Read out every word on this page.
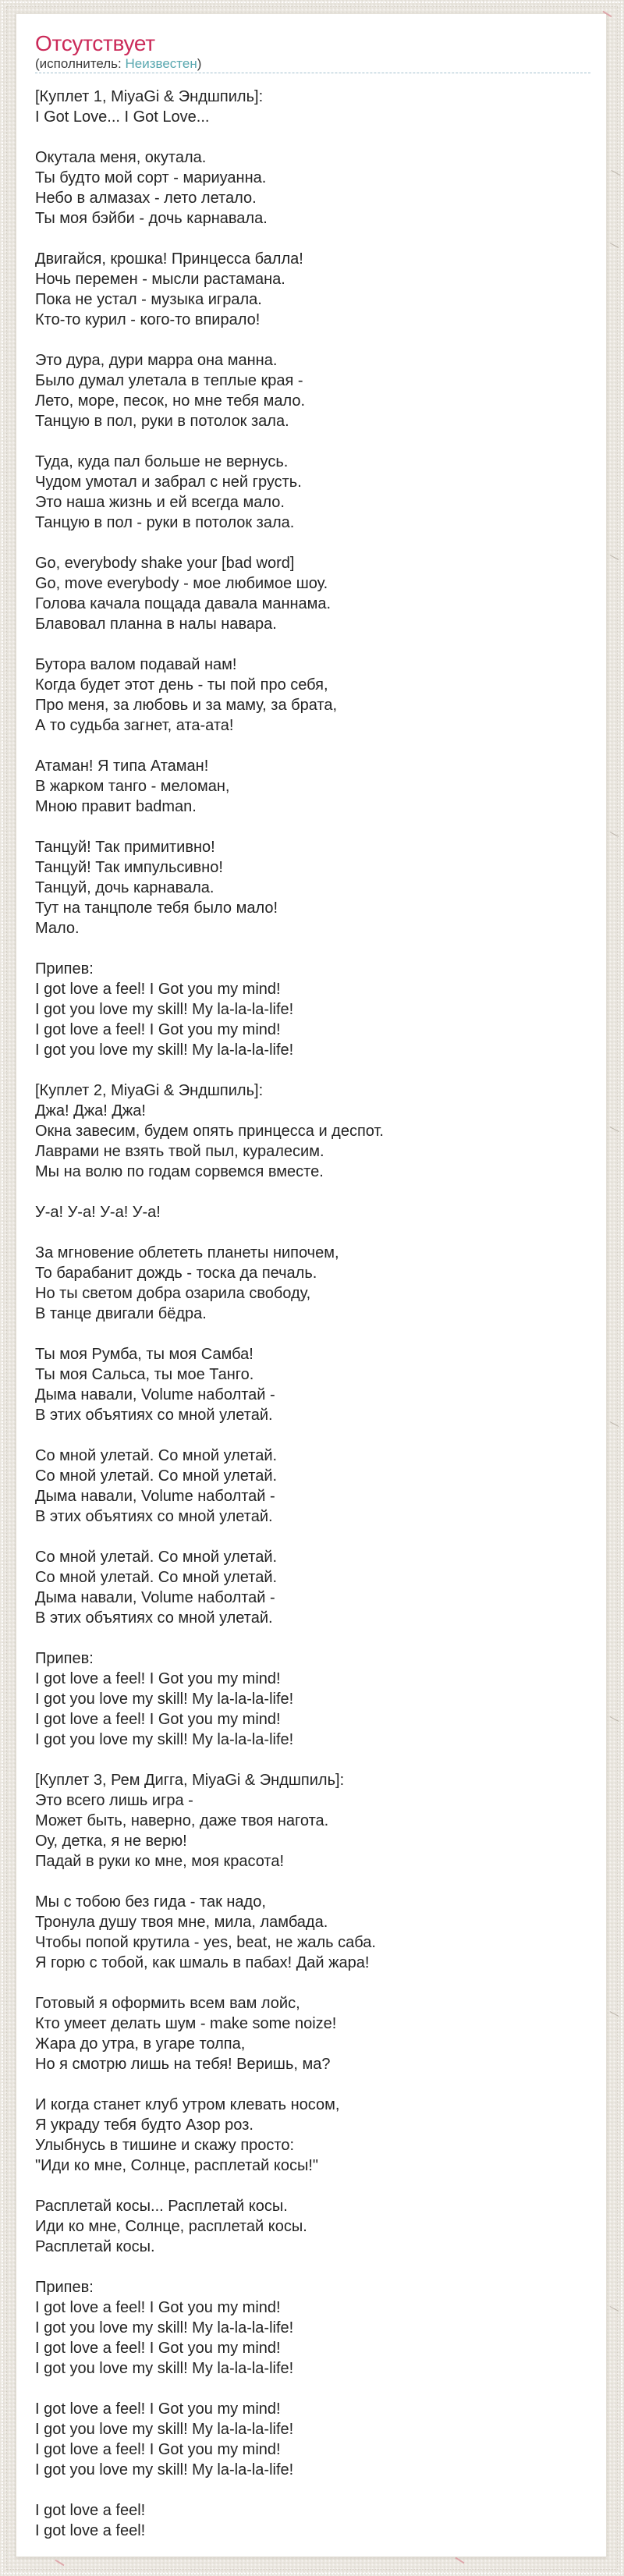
Отсутствует
(исполнитель: Неизвестен)
[Куплет 1, MiyaGi & Эндшпиль]:
I Got Love... I Got Love...
Окутала меня, окутала.
Ты будто мой сорт - мариуанна.
Небо в алмазах - лето летало.
Ты моя бэйби - дочь карнавала.
Двигайся, крошка! Принцесса балла!
Ночь перемен - мысли растамана.
Пока не устал - музыка играла.
Кто-то курил - кого-то впирало!
Это дура, дури марра она манна.
Было думал улетала в теплые края -
Лето, море, песок, но мне тебя мало.
Танцую в пол, руки в потолок зала.
Туда, куда пал больше не вернусь.
Чудом умотал и забрал с ней грусть.
Это наша жизнь и ей всегда мало.
Танцую в пол - руки в потолок зала.
Go, everybody shake your [bad word]
Go, move everybody - мое любимое шоу.
Голова качала пощада давала маннама.
Блавовал планна в налы навара.
Бутора валом подавай нам!
Когда будет этот день - ты пой про себя,
Про меня, за любовь и за маму, за брата,
А то судьба загнет, ата-ата!
Атаман! Я типа Атаман!
В жарком танго - меломан,
Мною правит badman.
Танцуй! Так примитивно!
Танцуй! Так импульсивно!
Танцуй, дочь карнавала.
Тут на танцполе тебя было мало!
Мало.
Припев:
I got love a feel! I Got you my mind!
I got you love my skill! My la-la-la-life!
I got love a feel! I Got you my mind!
I got you love my skill! My la-la-la-life!
[Куплет 2, MiyaGi & Эндшпиль]:
Джа! Джа! Джа!
Окна завесим, будем опять принцесса и деспот.
Лаврами не взять твой пыл, куралесим.
Мы на волю по годам сорвемся вместе.
У-а! У-а! У-а! У-а!
За мгновение облететь планеты нипочем,
То барабанит дождь - тоска да печаль.
Но ты светом добра озарила свободу,
В танце двигали бёдра.
Ты моя Румба, ты моя Самба!
Ты моя Сальса, ты мое Танго.
Дыма навали, Volume наболтай -
В этих объятиях со мной улетай.
Со мной улетай. Со мной улетай.
Со мной улетай. Со мной улетай.
Дыма навали, Volume наболтай -
В этих объятиях со мной улетай.
Со мной улетай. Со мной улетай.
Со мной улетай. Со мной улетай.
Дыма навали, Volume наболтай -
В этих объятиях со мной улетай.
Припев:
I got love a feel! I Got you my mind!
I got you love my skill! My la-la-la-life!
I got love a feel! I Got you my mind!
I got you love my skill! My la-la-la-life!
[Куплет 3, Рем Дигга, MiyaGi & Эндшпиль]:
Это всего лишь игра -
Может быть, наверно, даже твоя нагота.
Оу, детка, я не верю!
Падай в руки ко мне, моя красота!
Мы с тобою без гида - так надо,
Тронула душу твоя мне, мила, ламбада.
Чтобы попой крутила - yes, beat, не жаль саба.
Я горю с тобой, как шмаль в пабах! Дай жара!
Готовый я оформить всем вам лойс,
Кто умеет делать шум - make some noize!
Жара до утра, в угаре толпа,
Но я смотрю лишь на тебя! Веришь, ма?
И когда станет клуб утром клевать носом,
Я украду тебя будто Азор роз.
Улыбнусь в тишине и скажу просто:
"Иди ко мне, Солнце, расплетай косы!"
Расплетай косы... Расплетай косы.
Иди ко мне, Солнце, расплетай косы.
Расплетай косы.
Припев:
I got love a feel! I Got you my mind!
I got you love my skill! My la-la-la-life!
I got love a feel! I Got you my mind!
I got you love my skill! My la-la-la-life!
I got love a feel! I Got you my mind!
I got you love my skill! My la-la-la-life!
I got love a feel! I Got you my mind!
I got you love my skill! My la-la-la-life!
I got love a feel!
I got love a feel!
